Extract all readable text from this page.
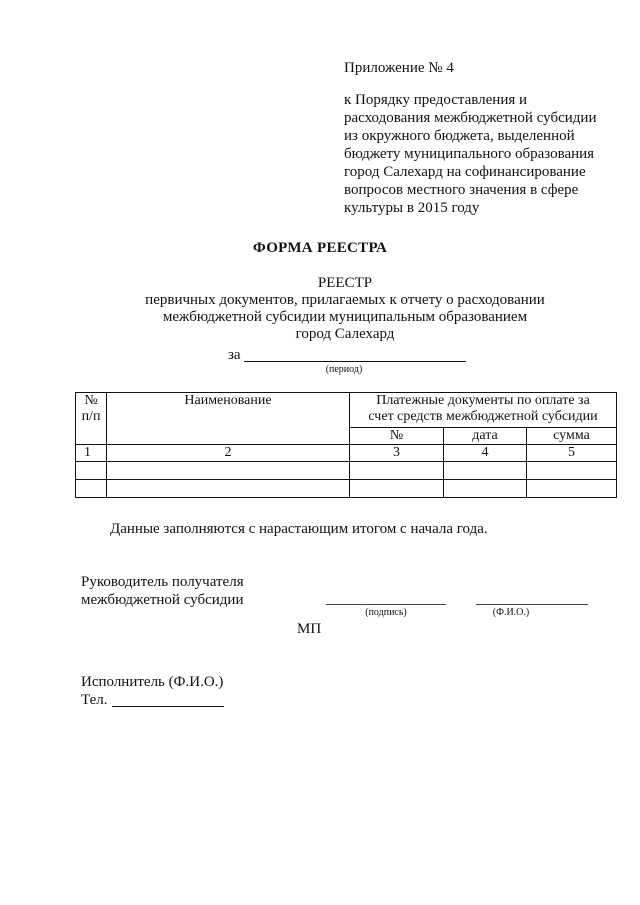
Приложение № 4
к Порядку предоставления и
расходования межбюджетной субсидии
из окружного бюджета, выделенной
бюджету муниципального образования
город Салехард на софинансирование
вопросов местного значения в сфере
культуры в 2015 году
ФОРМА РЕЕСТРА
РЕЕСТР
первичных документов, прилагаемых к отчету о расходовании
межбюджетной субсидии муниципальным образованием
город Салехард
за
(период)
№
п/п	Наименование	Платежные документы по оплате за
счет средств межбюджетной субсидии		
		№	дата	сумма
1	2	3	4	5

Данные заполняются с нарастающим итогом с начала года.
Руководитель получателя
межбюджетной субсидии
(подпись)	(Ф.И.О.)
МП
Исполнитель (Ф.И.О.)
Тел.
